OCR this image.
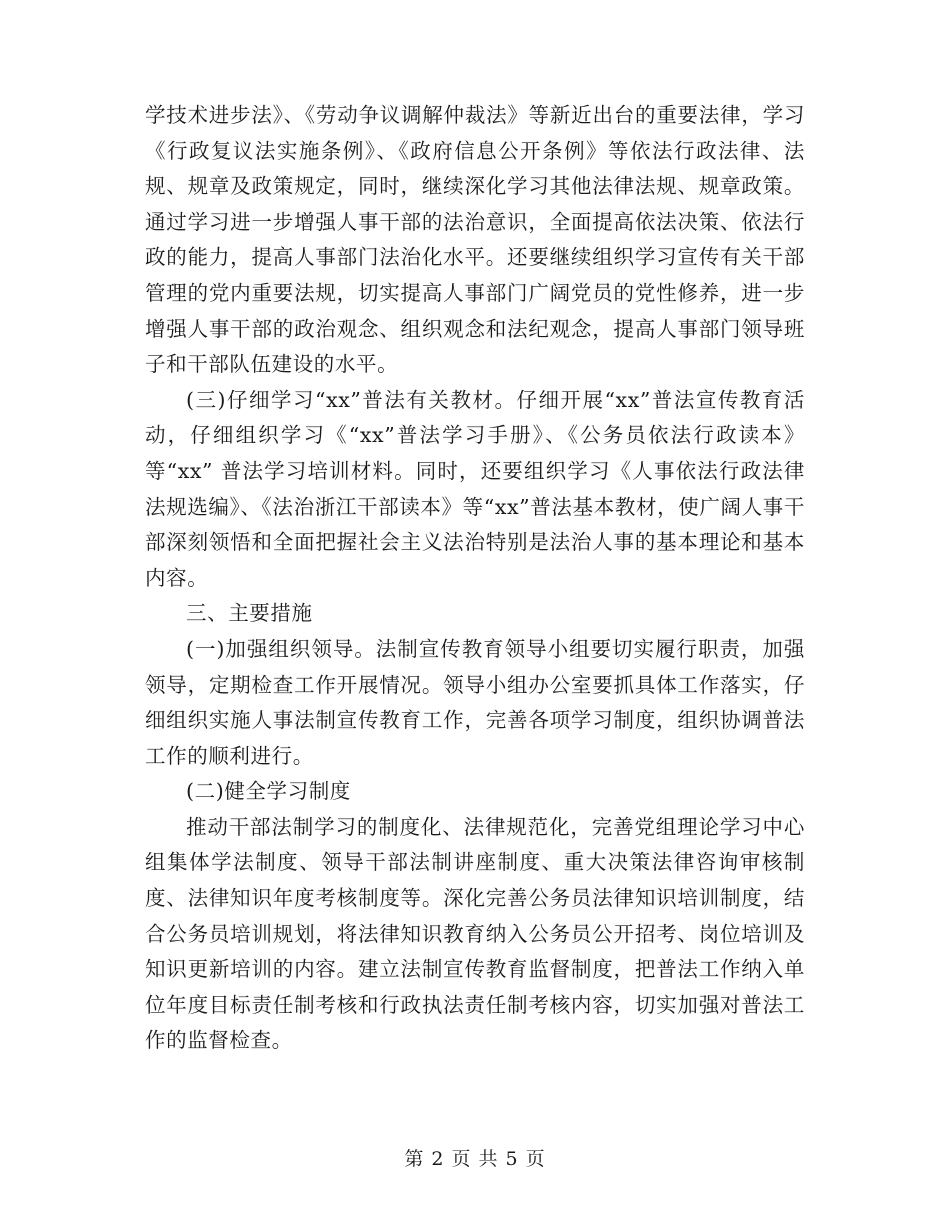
学技术进步法》、《劳动争议调解仲裁法》等新近出台的重要法律，学习《行政复议法实施条例》、《政府信息公开条例》等依法行政法律、法规、规章及政策规定，同时，继续深化学习其他法律法规、规章政策。通过学习进一步增强人事干部的法治意识，全面提高依法决策、依法行政的能力，提高人事部门法治化水平。还要继续组织学习宣传有关干部管理的党内重要法规，切实提高人事部门广阔党员的党性修养，进一步增强人事干部的政治观念、组织观念和法纪观念，提高人事部门领导班子和干部队伍建设的水平。

(三)仔细学习“xx”普法有关教材。仔细开展“xx”普法宣传教育活动，仔细组织学习《“xx”普法学习手册》、《公务员依法行政读本》等“xx” 普法学习培训材料。同时，还要组织学习《人事依法行政法律法规选编》、《法治浙江干部读本》等“xx”普法基本教材，使广阔人事干部深刻领悟和全面把握社会主义法治特别是法治人事的基本理论和基本内容。

三、主要措施

(一)加强组织领导。法制宣传教育领导小组要切实履行职责，加强领导，定期检查工作开展情况。领导小组办公室要抓具体工作落实，仔细组织实施人事法制宣传教育工作，完善各项学习制度，组织协调普法工作的顺利进行。

(二)健全学习制度

推动干部法制学习的制度化、法律规范化，完善党组理论学习中心组集体学法制度、领导干部法制讲座制度、重大决策法律咨询审核制度、法律知识年度考核制度等。深化完善公务员法律知识培训制度，结合公务员培训规划，将法律知识教育纳入公务员公开招考、岗位培训及知识更新培训的内容。建立法制宣传教育监督制度，把普法工作纳入单位年度目标责任制考核和行政执法责任制考核内容，切实加强对普法工作的监督检查。

第 2 页 共 5 页
